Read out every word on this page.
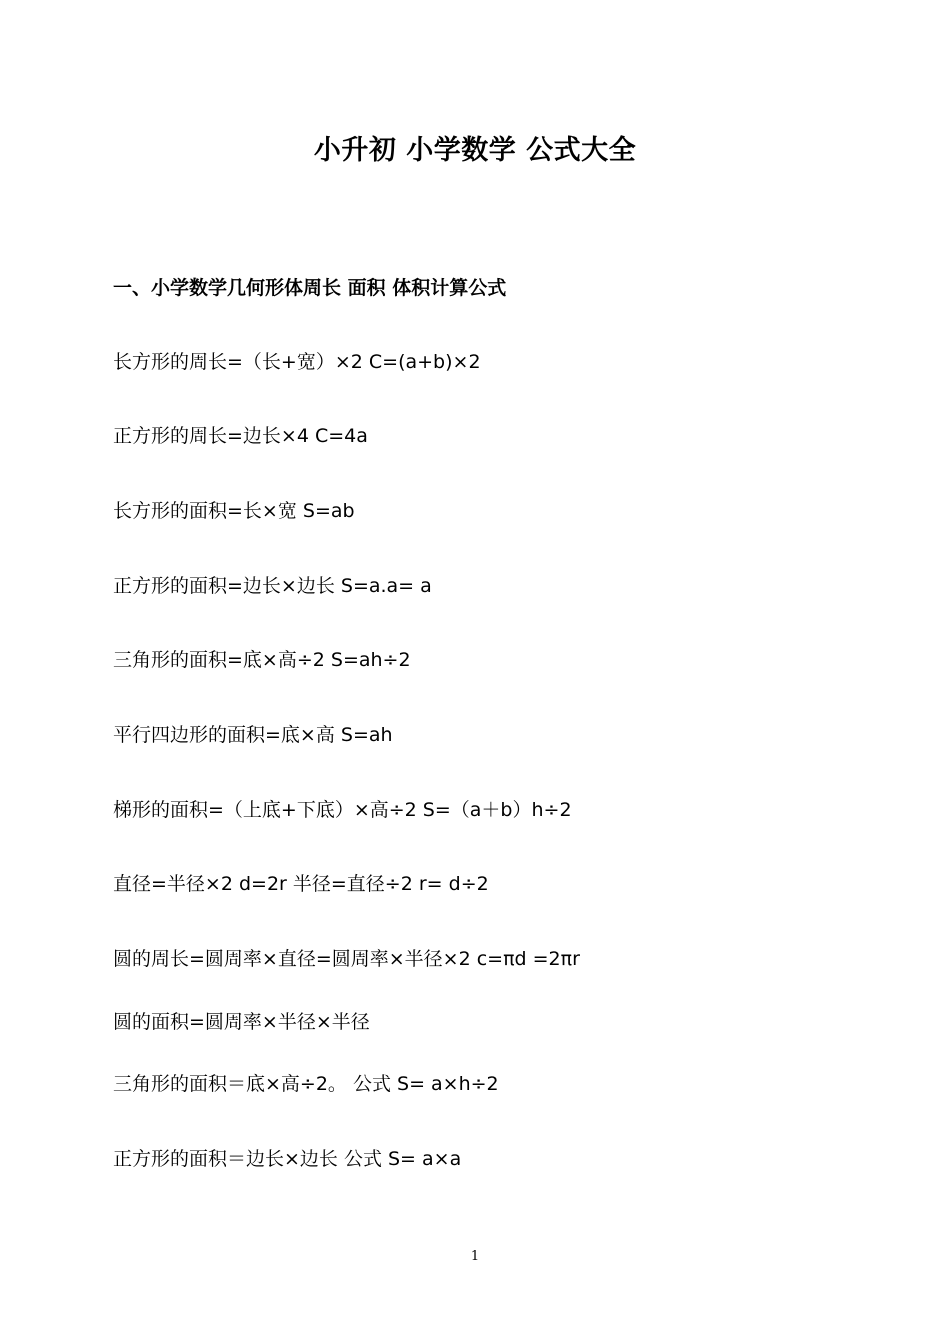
小升初 小学数学 公式大全
一、小学数学几何形体周长 面积 体积计算公式
长方形的周长=（长+宽）×2 C=(a+b)×2
正方形的周长=边长×4 C=4a
长方形的面积=长×宽 S=ab
正方形的面积=边长×边长 S=a.a= a
三角形的面积=底×高÷2 S=ah÷2
平行四边形的面积=底×高 S=ah
梯形的面积=（上底+下底）×高÷2 S=（a＋b）h÷2
直径=半径×2 d=2r 半径=直径÷2 r= d÷2
圆的周长=圆周率×直径=圆周率×半径×2 c=πd =2πr
圆的面积=圆周率×半径×半径
三角形的面积＝底×高÷2。 公式 S= a×h÷2
正方形的面积＝边长×边长 公式 S= a×a
1
